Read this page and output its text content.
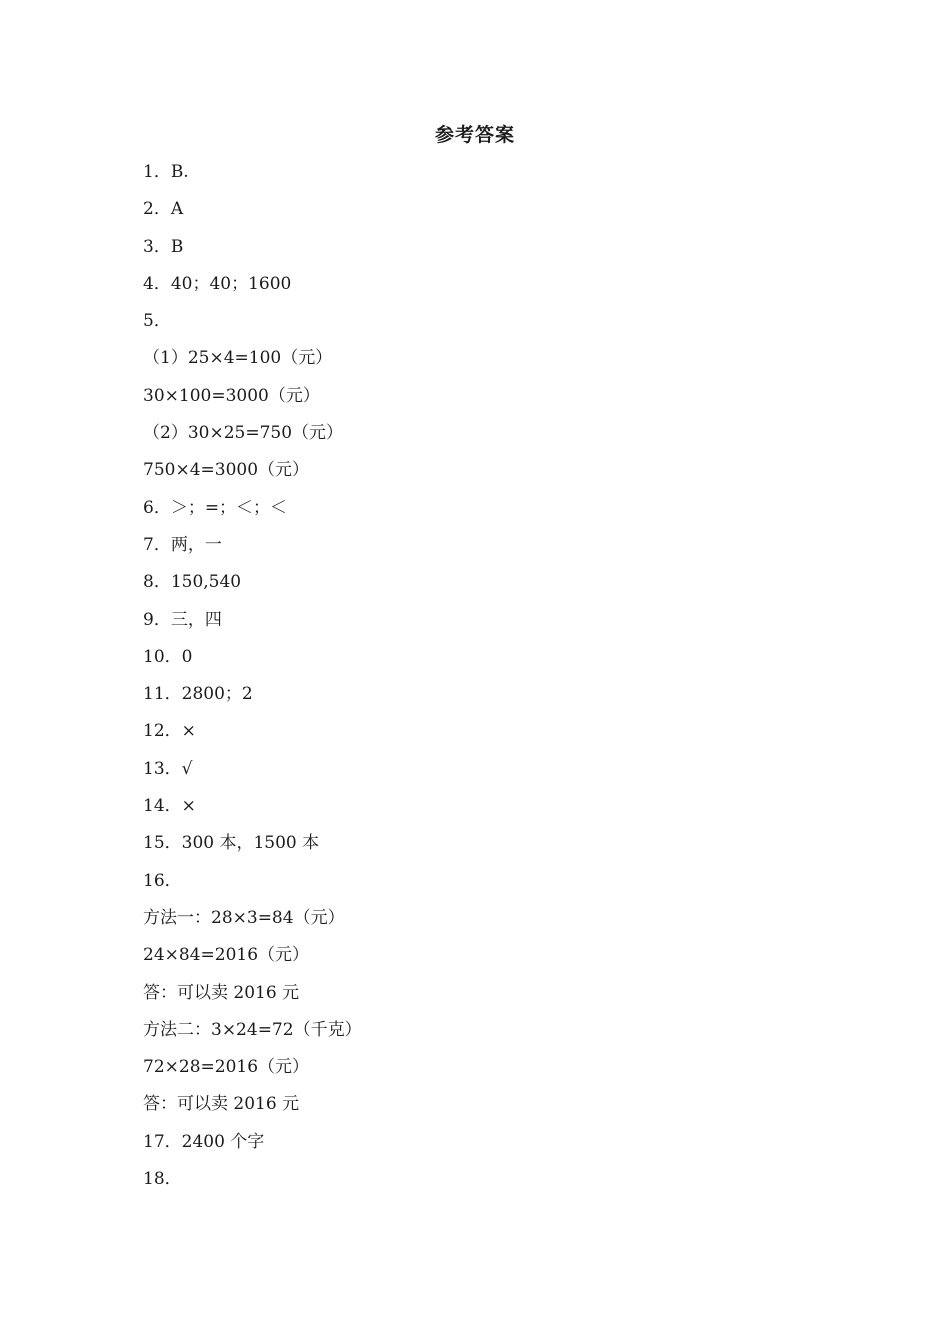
参考答案
1．B.
2．A
3．B
4．40；40；1600
5．
（1）25×4=100（元）
30×100=3000（元）
（2）30×25=750（元）
750×4=3000（元）
6．＞；=；＜；＜
7．两，一
8．150,540
9．三，四
10．0
11．2800；2
12．×
13．√
14．×
15．300 本，1500 本
16．
方法一：28×3=84（元）
24×84=2016（元）
答：可以卖 2016 元
方法二：3×24=72（千克）
72×28=2016（元）
答：可以卖 2016 元
17．2400 个字
18．
